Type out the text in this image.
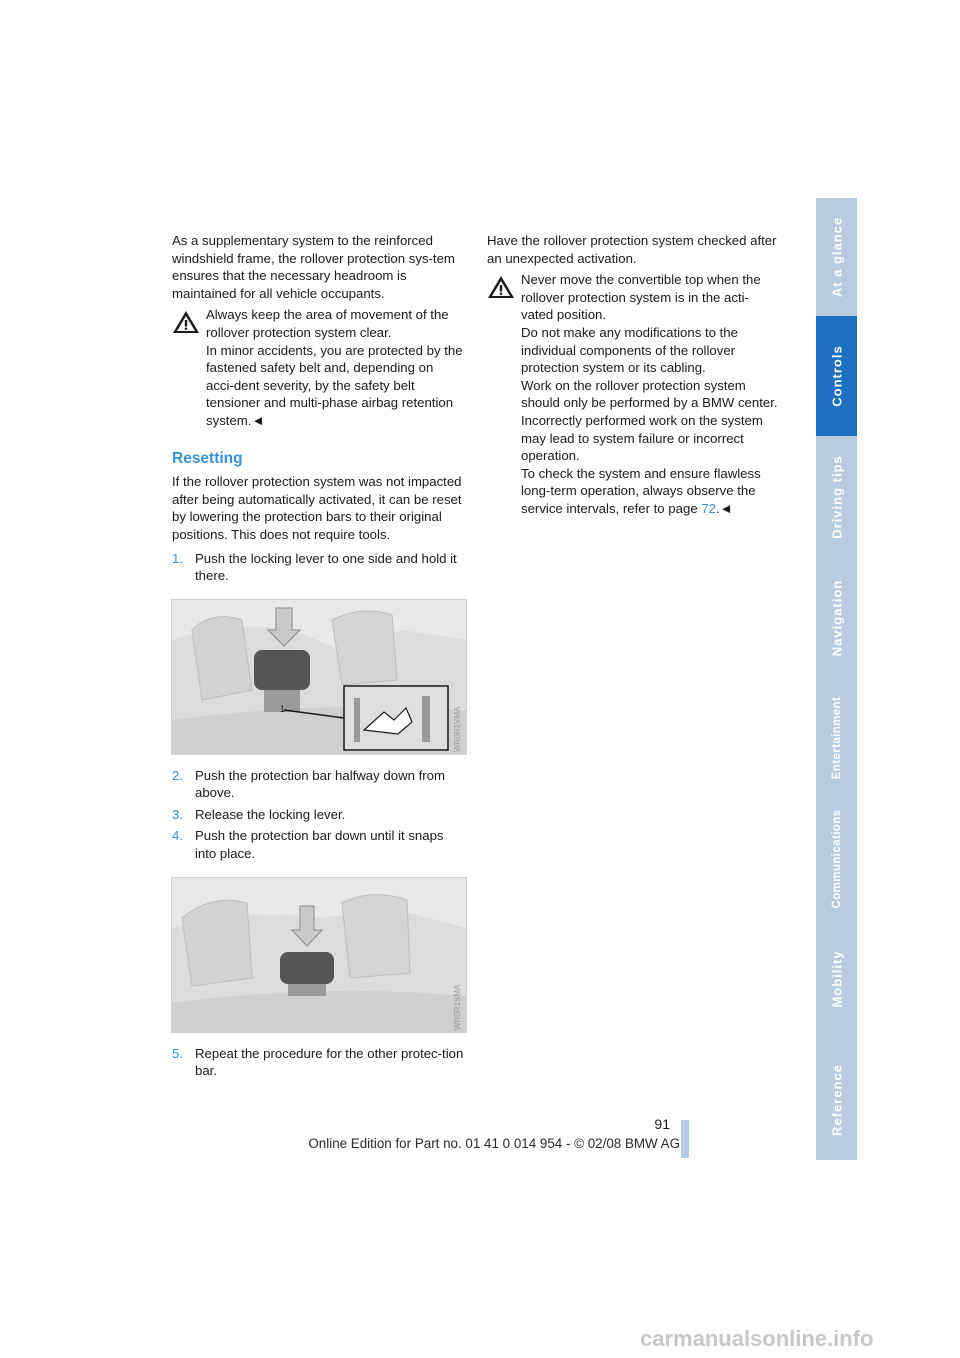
As a supplementary system to the reinforced windshield frame, the rollover protection sys-tem ensures that the necessary headroom is maintained for all vehicle occupants.

Always keep the area of movement of the

rollover protection system clear.

In minor accidents, you are protected by the fastened safety belt and, depending on acci-dent severity, by the safety belt tensioner and multi-phase airbag retention system.◄

Resetting

If the rollover protection system was not impacted after being automatically activated, it can be reset by lowering the protection bars to their original positions. This does not require tools.

1. Push the locking lever to one side and hold it there.
1	WR0R1VMA
2. Push the protection bar halfway down from above.
3. Release the locking lever.
4. Push the protection bar down until it snaps into place.
WR0R1SMA
5. Repeat the procedure for the other protec-tion bar.

Have the rollover protection system checked after an unexpected activation.

Never move the convertible top when the

rollover protection system is in the acti-

vated position.

Do not make any modifications to the individual components of the rollover protection system or its cabling.

Work on the rollover protection system should only be performed by a BMW center. Incorrectly performed work on the system may lead to system failure or incorrect operation.

To check the system and ensure flawless long-term operation, always observe the service intervals, refer to page 72.◄

At a glance
Controls
Driving tips
Navigation
Entertainment
Communications
Mobility
Reference
91
Online Edition for Part no. 01 41 0 014 954 - © 02/08 BMW AG
carmanualsonline.info
